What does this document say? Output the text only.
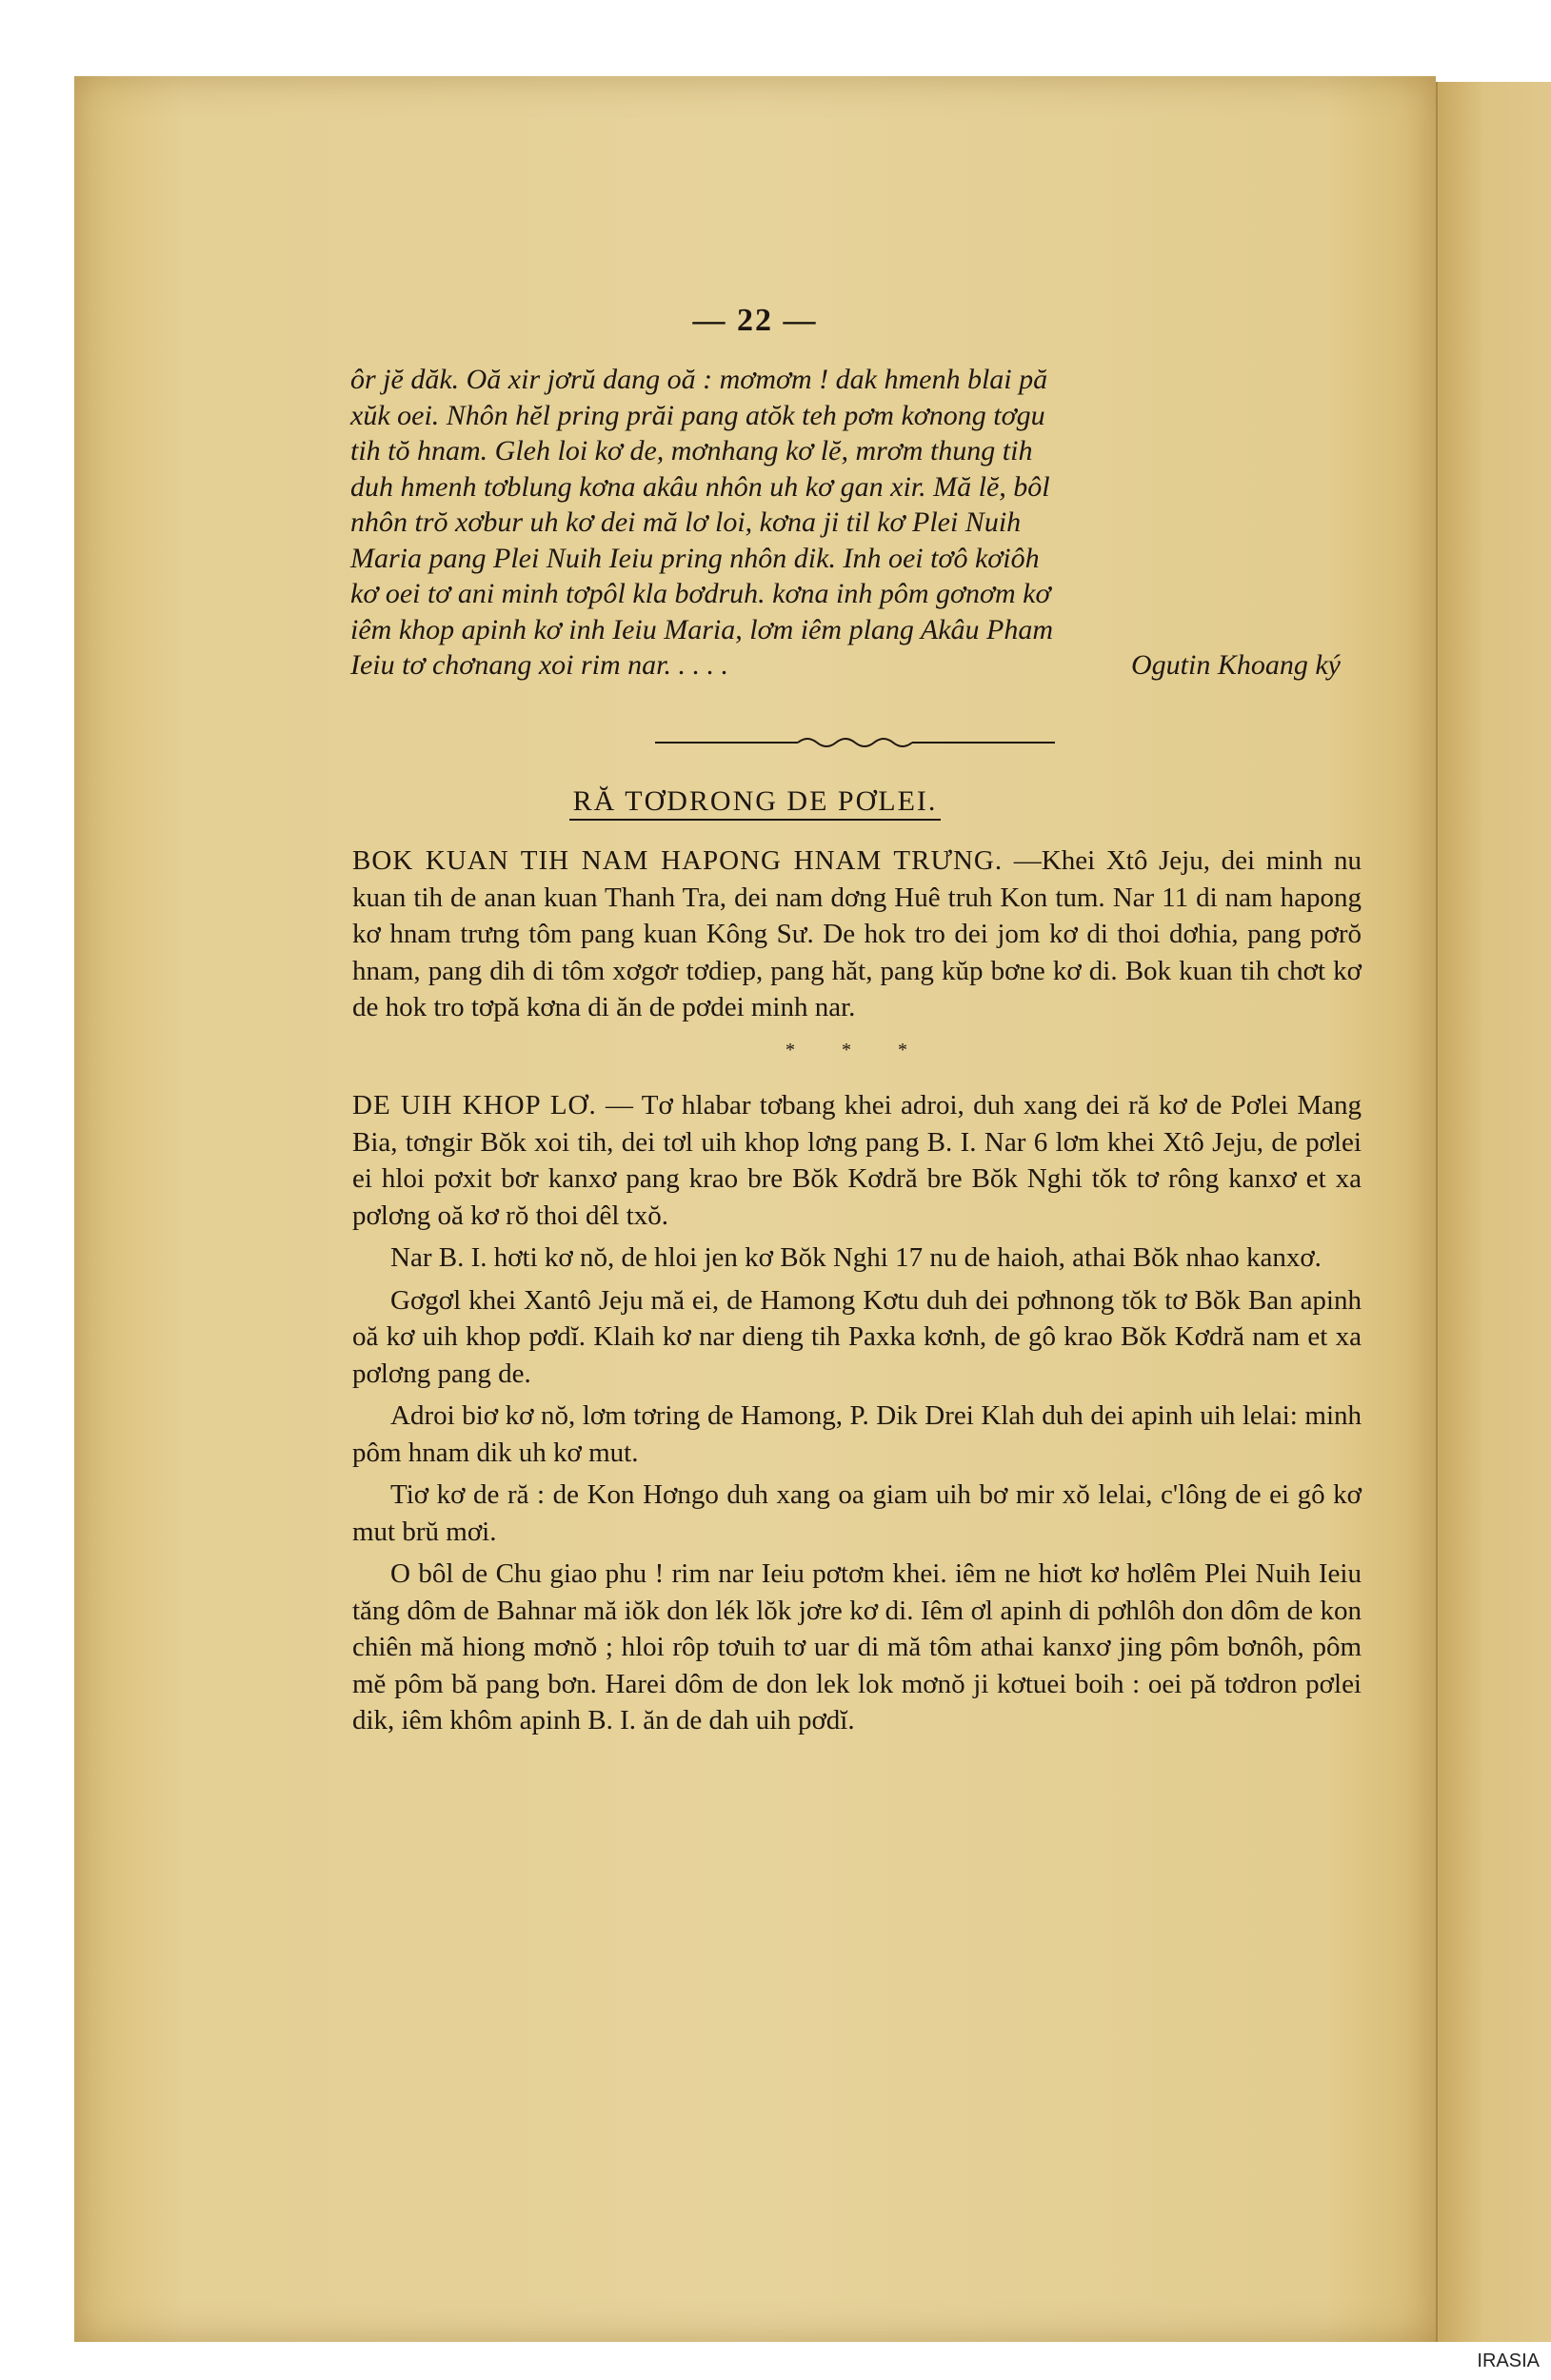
— 22 —
ôr jĕ dăk. Oă xir jơrŭ dang oă : mơmơm ! dak hmenh blai pă
xŭk oei. Nhôn hĕl pring prăi pang atŏk teh pơm kơnong tơgu
tih tŏ hnam. Gleh loi kơ de, mơnhang kơ lĕ, mrơm thung tih
duh hmenh tơblung kơna akâu nhôn uh kơ gan xir. Mă lĕ, bôl
nhôn trŏ xơbur uh kơ dei mă lơ loi, kơna ji til kơ Plei Nuih
Maria pang Plei Nuih Ieiu pring nhôn dik. Inh oei tơô kơiôh
kơ oei tơ ani minh tơpôl kla bơdruh. kơna inh pôm gơnơm kơ
iêm khop apinh kơ inh Ieiu Maria, lơm iêm plang Akâu Pham
Ieiu tơ chơnang xoi rim nar. . . . .	Ogutin Khoang ký
RĂ TƠDRONG DE PƠLEI.

BOK KUAN TIH NAM HAPONG HNAM TRƯNG. —Khei Xtô Jeju, dei minh nu kuan tih de anan kuan Thanh Tra, dei nam dơng Huê truh Kon tum. Nar 11 di nam hapong kơ hnam trưng tôm pang kuan Kông Sư. De hok tro dei jom kơ di thoi dơhia, pang pơrŏ hnam, pang dih di tôm xơgơr tơdiep, pang hăt, pang kŭp bơne kơ di. Bok kuan tih chơt kơ de hok tro tơpă kơna di ăn de pơdei minh nar.

* * *

DE UIH KHOP LƠ. — Tơ hlabar tơbang khei adroi, duh xang dei ră kơ de Pơlei Mang Bia, tơngir Bŏk xoi tih, dei tơl uih khop lơng pang B. I. Nar 6 lơm khei Xtô Jeju, de pơlei ei hloi pơxit bơr kanxơ pang krao bre Bŏk Kơdră bre Bŏk Nghi tŏk tơ rông kanxơ et xa pơlơng oă kơ rŏ thoi dêl txŏ.

Nar B. I. hơti kơ nŏ, de hloi jen kơ Bŏk Nghi 17 nu de haioh, athai Bŏk nhao kanxơ.

Gơgơl khei Xantô Jeju mă ei, de Hamong Kơtu duh dei pơhnong tŏk tơ Bŏk Ban apinh oă kơ uih khop pơdĭ. Klaih kơ nar dieng tih Paxka kơnh, de gô krao Bŏk Kơdră nam et xa pơlơng pang de.

Adroi biơ kơ nŏ, lơm tơring de Hamong, P. Dik Drei Klah duh dei apinh uih lelai: minh pôm hnam dik uh kơ mut.

Tiơ kơ de ră : de Kon Hơngo duh xang oa giam uih bơ mir xŏ lelai, c'lông de ei gô kơ mut brŭ mơi.

O bôl de Chu giao phu ! rim nar Ieiu pơtơm khei. iêm ne hiơt kơ hơlêm Plei Nuih Ieiu tăng dôm de Bahnar mă iŏk don lék lŏk jơre kơ di. Iêm ơl apinh di pơhlôh don dôm de kon chiên mă hiong mơnŏ ; hloi rôp tơuih tơ uar di mă tôm athai kanxơ jing pôm bơnôh, pôm mĕ pôm bă pang bơn. Harei dôm de don lek lok mơnŏ ji kơtuei boih : oei pă tơdron pơlei dik, iêm khôm apinh B. I. ăn de dah uih pơdĭ.

IRASIA
